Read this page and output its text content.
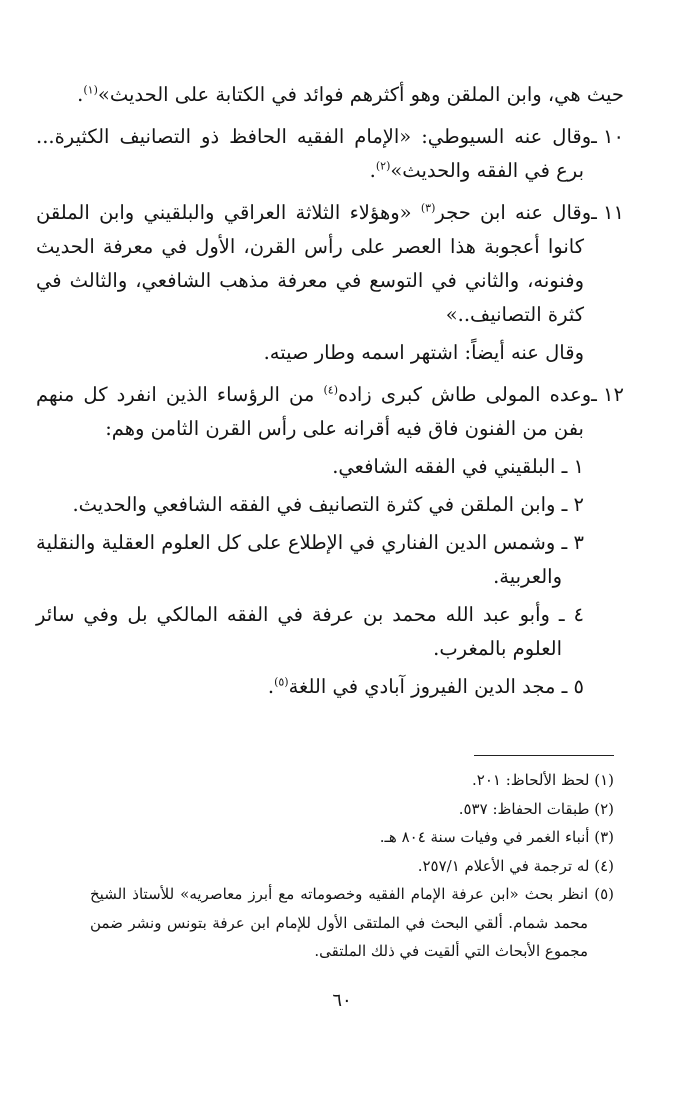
حيث هي، وابن الملقن وهو أكثرهم فوائد في الكتابة على الحديث»$^{(١)}$.

١٠ ـوقال عنه السيوطي: «الإمام الفقيه الحافظ ذو التصانيف الكثيرة... برع في الفقه والحديث»$^{(٢)}$.

١١ ـوقال عنه ابن حجر$^{(٣)}$ «وهؤلاء الثلاثة العراقي والبلقيني وابن الملقن كانوا أعجوبة هذا العصر على رأس القرن، الأول في معرفة الحديث وفنونه، والثاني في التوسع في معرفة مذهب الشافعي، والثالث في كثرة التصانيف..»

وقال عنه أيضاً: اشتهر اسمه وطار صيته.

١٢ ـوعده المولى طاش كبرى زاده$^{(٤)}$ من الرؤساء الذين انفرد كل منهم بفن من الفنون فاق فيه أقرانه على رأس القرن الثامن وهم:

١ ـ البلقيني في الفقه الشافعي.

٢ ـ وابن الملقن في كثرة التصانيف في الفقه الشافعي والحديث.

٣ ـ وشمس الدين الفناري في الإطلاع على كل العلوم العقلية والنقلية والعربية.

٤ ـ وأبو عبد الله محمد بن عرفة في الفقه المالكي بل وفي سائر العلوم بالمغرب.

٥ ـ مجد الدين الفيروز آبادي في اللغة$^{(٥)}$.

(١) لحظ الألحاظ: ٢٠١.

(٢) طبقات الحفاظ: ٥٣٧.

(٣) أنباء الغمر في وفيات سنة ٨٠٤ هـ.

(٤) له ترجمة في الأعلام ٢٥٧/١.

(٥) انظر بحث «ابن عرفة الإمام الفقيه وخصوماته مع أبرز معاصريه» للأستاذ الشيخ محمد شمام. ألقي البحث في الملتقى الأول للإمام ابن عرفة بتونس ونشر ضمن مجموع الأبحاث التي ألقيت في ذلك الملتقى.

٦٠
